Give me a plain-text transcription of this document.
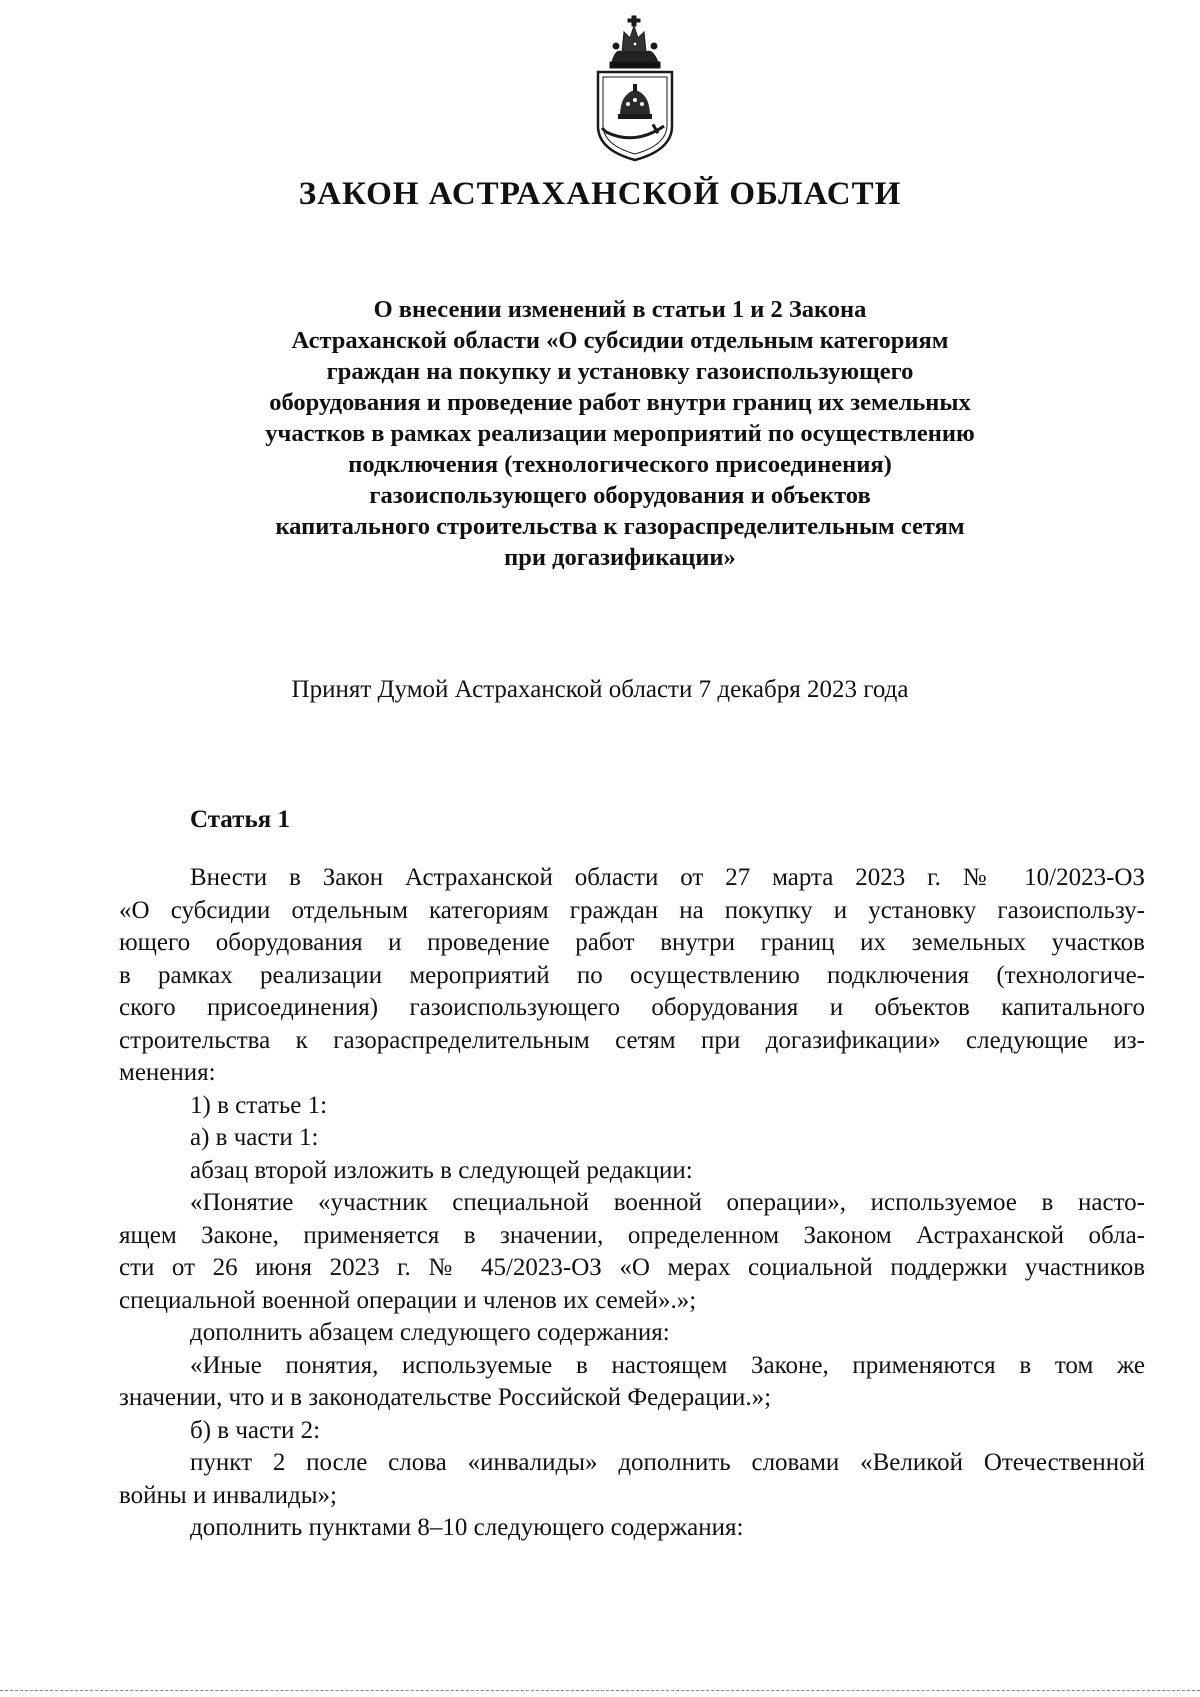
ЗАКОН АСТРАХАНСКОЙ ОБЛАСТИ
О внесении изменений в статьи 1 и 2 Закона
Астраханской области «О субсидии отдельным категориям
граждан на покупку и установку газоиспользующего
оборудования и проведение работ внутри границ их земельных
участков в рамках реализации мероприятий по осуществлению
подключения (технологического присоединения)
газоиспользующего оборудования и объектов
капитального строительства к газораспределительным сетям
при догазификации»
Принят Думой Астраханской области 7 декабря 2023 года
Статья 1
Внести в Закон Астраханской области от 27 марта 2023 г. № 10/2023-ОЗ
«О субсидии отдельным категориям граждан на покупку и установку газоиспользу-
ющего оборудования и проведение работ внутри границ их земельных участков
в рамках реализации мероприятий по осуществлению подключения (технологиче-
ского присоединения) газоиспользующего оборудования и объектов капитального
строительства к газораспределительным сетям при догазификации» следующие из-
менения:
1) в статье 1:
а) в части 1:
абзац второй изложить в следующей редакции:
«Понятие «участник специальной военной операции», используемое в насто-
ящем Законе, применяется в значении, определенном Законом Астраханской обла-
сти от 26 июня 2023 г. № 45/2023-ОЗ «О мерах социальной поддержки участников
специальной военной операции и членов их семей».»;
дополнить абзацем следующего содержания:
«Иные понятия, используемые в настоящем Законе, применяются в том же
значении, что и в законодательстве Российской Федерации.»;
б) в части 2:
пункт 2 после слова «инвалиды» дополнить словами «Великой Отечественной
войны и инвалиды»;
дополнить пунктами 8–10 следующего содержания:
